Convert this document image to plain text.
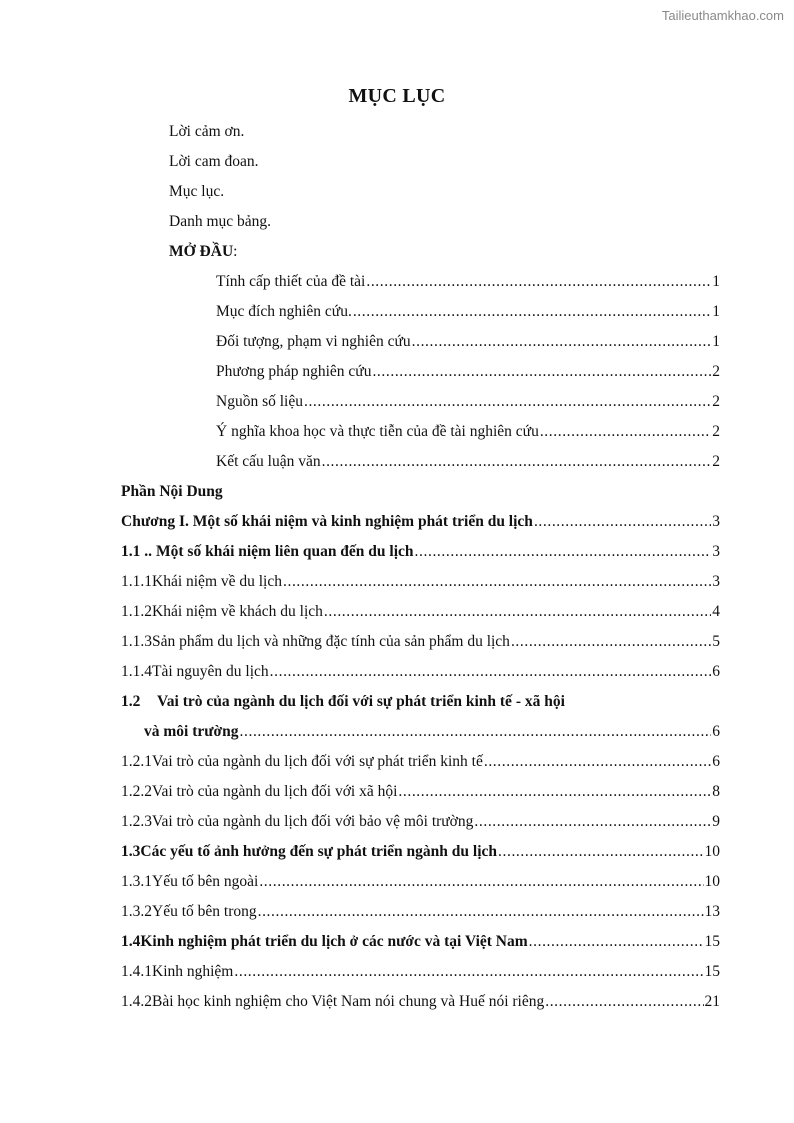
Tailieuthamkhao.com
MỤC LỤC
Lời cảm ơn.
Lời cam đoan.
Mục lục.
Danh mục bảng.
MỞ ĐẦU:
Tính cấp thiết của đề tài .....	1
Mục đích nghiên cứu. .....	1
Đối tượng, phạm vi nghiên cứu .....	1
Phương pháp nghiên cứu .....	2
Nguồn số liệu .....	2
Ý nghĩa khoa học và thực tiễn của đề tài nghiên cứu .....	2
Kết cấu luận văn .....	2
Phần Nội Dung
Chương I. Một số khái niệm và kinh nghiệm phát triển du lịch .....	3
1.1 .. Một số khái niệm liên quan đến du lịch .....	3
1.1.1 Khái niệm về du lịch .....	3
1.1.2 Khái niệm về khách du lịch .....	4
1.1.3 Sản phẩm du lịch và những đặc tính của sản phẩm du lịch .....	5
1.1.4 Tài nguyên du lịch .....	6
1.2 Vai trò của ngành du lịch đối với sự phát triển kinh tế - xã hội
và môi trường .....	6
1.2.1 Vai trò của ngành du lịch đối với sự phát triển kinh tế .....	6
1.2.2 Vai trò của ngành du lịch đối với xã hội .....	8
1.2.3 Vai trò của ngành du lịch đối với bảo vệ môi trường .....	9
1.3 Các yếu tố ảnh hưởng đến sự phát triển ngành du lịch .....	10
1.3.1 Yếu tố bên ngoài .....	10
1.3.2 Yếu tố bên trong .....	13
1.4 Kinh nghiệm phát triển du lịch ở các nước và tại Việt Nam .....	15
1.4.1 Kinh nghiệm .....	15
1.4.2 Bài học kinh nghiệm cho Việt Nam nói chung và Huế nói riêng .....	21
